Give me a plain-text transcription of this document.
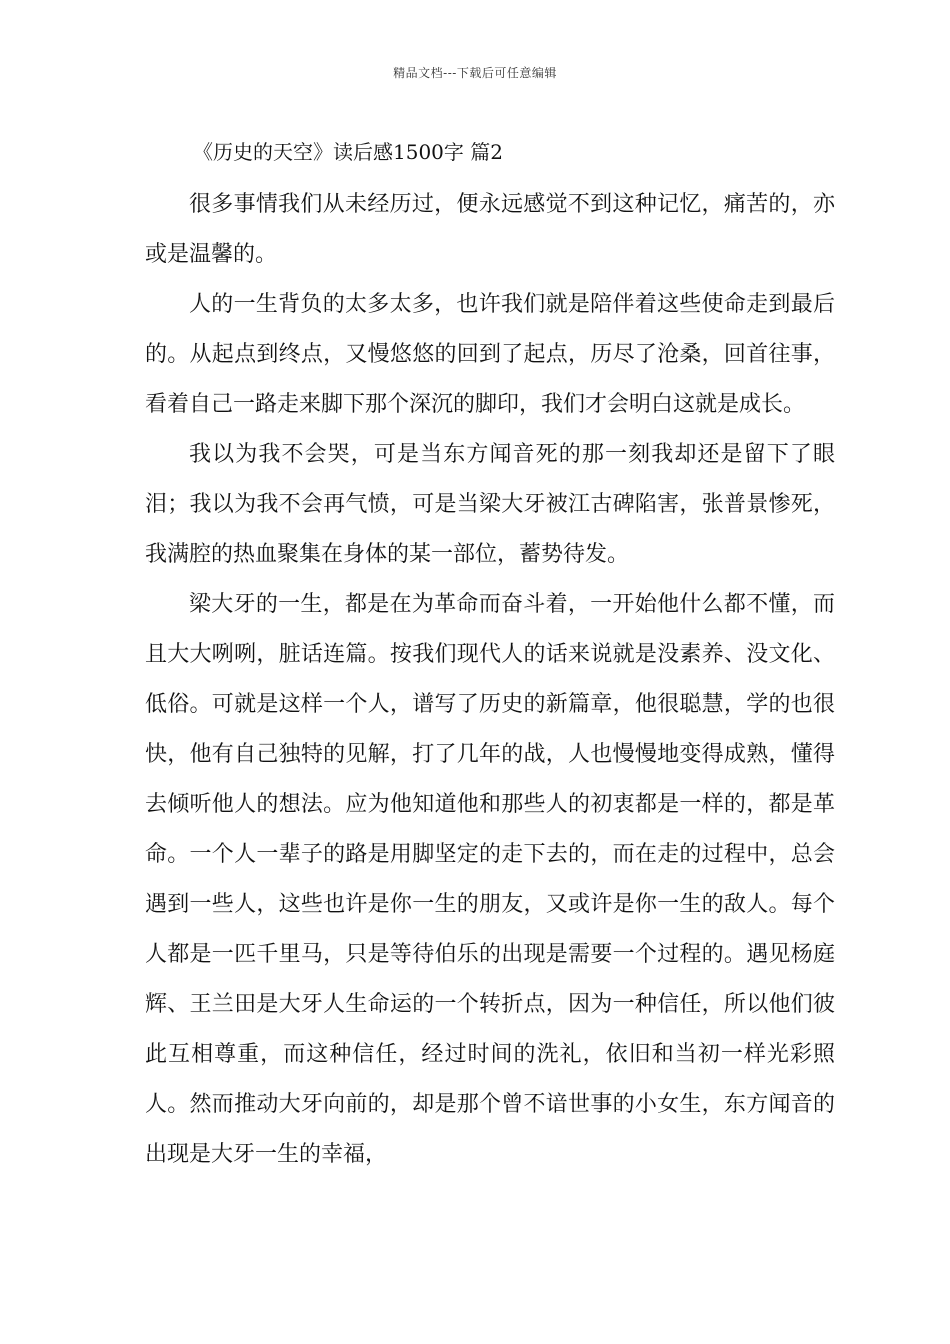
精品文档---下载后可任意编辑
《历史的天空》读后感1500字 篇2

很多事情我们从未经历过，便永远感觉不到这种记忆，痛苦的，亦或是温馨的。

人的一生背负的太多太多，也许我们就是陪伴着这些使命走到最后的。从起点到终点，又慢悠悠的回到了起点，历尽了沧桑，回首往事，看着自己一路走来脚下那个深沉的脚印，我们才会明白这就是成长。

我以为我不会哭，可是当东方闻音死的那一刻我却还是留下了眼泪；我以为我不会再气愤，可是当梁大牙被江古碑陷害，张普景惨死，我满腔的热血聚集在身体的某一部位，蓄势待发。

梁大牙的一生，都是在为革命而奋斗着，一开始他什么都不懂，而且大大咧咧，脏话连篇。按我们现代人的话来说就是没素养、没文化、低俗。可就是这样一个人，谱写了历史的新篇章，他很聪慧，学的也很快，他有自己独特的见解，打了几年的战，人也慢慢地变得成熟，懂得去倾听他人的想法。应为他知道他和那些人的初衷都是一样的，都是革命。一个人一辈子的路是用脚坚定的走下去的，而在走的过程中，总会遇到一些人，这些也许是你一生的朋友，又或许是你一生的敌人。每个人都是一匹千里马，只是等待伯乐的出现是需要一个过程的。遇见杨庭辉、王兰田是大牙人生命运的一个转折点，因为一种信任，所以他们彼此互相尊重，而这种信任，经过时间的洗礼，依旧和当初一样光彩照人。然而推动大牙向前的，却是那个曾不谙世事的小女生，东方闻音的出现是大牙一生的幸福，
